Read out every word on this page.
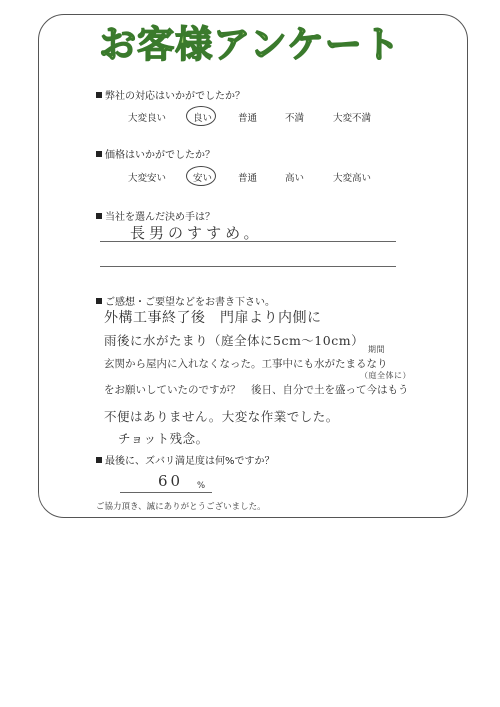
お客様アンケート
弊社の対応はいかがでしたか？
大変良い	良い	普通	不満	大変不満
価格はいかがでしたか？
大変安い	安い	普通	高い	大変高い
当社を選んだ決め手は？
長男のすすめ。
ご感想・ご要望などをお書き下さい。
外構工事終了後　門扉より内側に
雨後に水がたまり（庭全体に5cm〜10cm）
期間
玄関から屋内に入れなくなった。工事中にも水がたまるなり
（庭全体に）
をお願いしていたのですが？　後日、自分で土を盛って今はもう
不便はありません。大変な作業でした。
チョット残念。
最後に、ズバリ満足度は何%ですか？
60 %
ご協力頂き、誠にありがとうございました。
